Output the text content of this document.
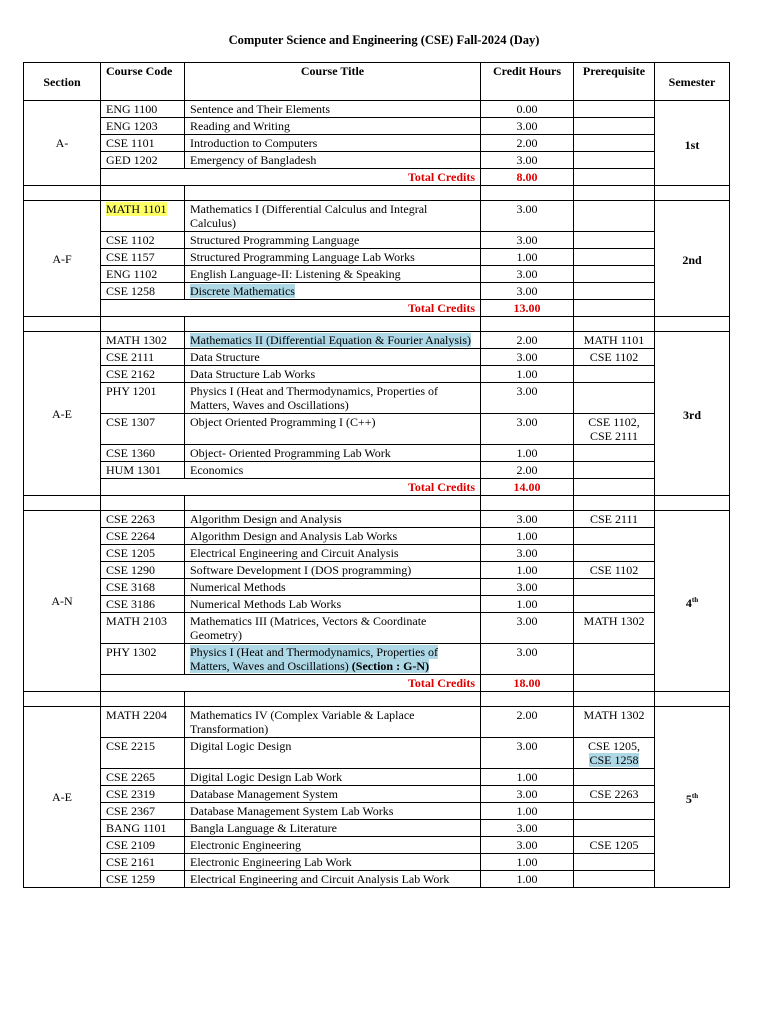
Computer Science and Engineering (CSE) Fall-2024 (Day)
Section	Course Code	Course Title	Credit Hours	Prerequisite	Semester
A-	ENG 1100	Sentence and Their Elements	0.00		1st
	ENG 1203	Reading and Writing	3.00		
	CSE 1101	Introduction to Computers	2.00		
	GED 1202	Emergency of Bangladesh	3.00		
	Total Credits		8.00		

A-F	MATH 1101	Mathematics I (Differential Calculus and Integral Calculus)	3.00		2nd
	CSE 1102	Structured Programming Language	3.00		
	CSE 1157	Structured Programming Language Lab Works	1.00		
	ENG 1102	English Language-II: Listening & Speaking	3.00		
	CSE 1258	Discrete Mathematics	3.00		
	Total Credits		13.00		

A-E	MATH 1302	Mathematics II (Differential Equation & Fourier Analysis)	2.00	MATH 1101	3rd
	CSE 2111	Data Structure	3.00	CSE 1102	
	CSE 2162	Data Structure Lab Works	1.00		
	PHY 1201	Physics I (Heat and Thermodynamics, Properties of Matters, Waves and Oscillations)	3.00		
	CSE 1307	Object Oriented Programming I (C++)	3.00	CSE 1102, CSE 2111	
	CSE 1360	Object- Oriented Programming Lab Work	1.00		
	HUM 1301	Economics	2.00		
	Total Credits		14.00		

A-N	CSE 2263	Algorithm Design and Analysis	3.00	CSE 2111	4th
	CSE 2264	Algorithm Design and Analysis Lab Works	1.00		
	CSE 1205	Electrical Engineering and Circuit Analysis	3.00		
	CSE 1290	Software Development I (DOS programming)	1.00	CSE 1102	
	CSE 3168	Numerical Methods	3.00		
	CSE 3186	Numerical Methods Lab Works	1.00		
	MATH 2103	Mathematics III (Matrices, Vectors & Coordinate Geometry)	3.00	MATH 1302	
	PHY 1302	Physics I (Heat and Thermodynamics, Properties of Matters, Waves and Oscillations) (Section : G-N)	3.00		
	Total Credits		18.00		

A-E	MATH 2204	Mathematics IV (Complex Variable & Laplace Transformation)	2.00	MATH 1302	5th
	CSE 2215	Digital Logic Design	3.00	CSE 1205,
CSE 1258	
	CSE 2265	Digital Logic Design Lab Work	1.00		
	CSE 2319	Database Management System	3.00	CSE 2263	
	CSE 2367	Database Management System Lab Works	1.00		
	BANG 1101	Bangla Language & Literature	3.00		
	CSE 2109	Electronic Engineering	3.00	CSE 1205	
	CSE 2161	Electronic Engineering Lab Work	1.00		
	CSE 1259	Electrical Engineering and Circuit Analysis Lab Work	1.00		
